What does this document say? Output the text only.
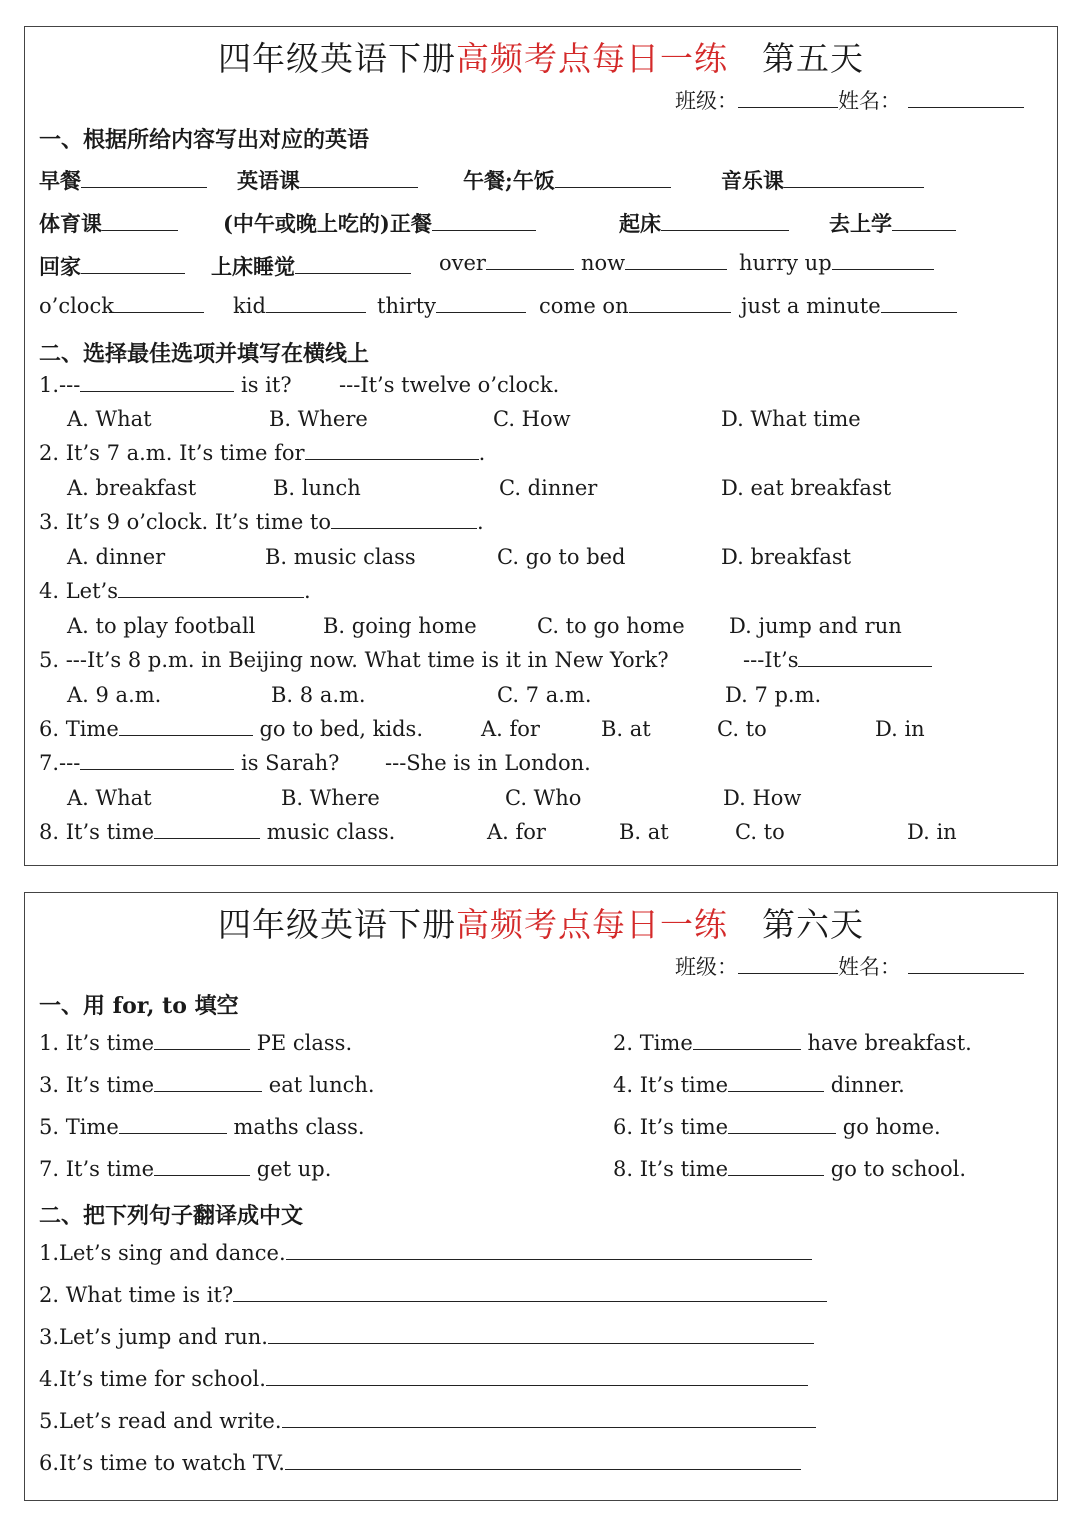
四年级英语下册高频考点每日一练 第五天
班级：	姓名：
一、根据所给内容写出对应的英语
早餐	英语课	午餐;午饭	音乐课
体育课	(中午或晚上吃的)正餐	起床	去上学
回家	上床睡觉	over	now	hurry up
o’clock	kid	thirty	come on	just a minute
二、选择最佳选项并填写在横线上
1.---	is it? ---It’s twelve o’clock.
A. What	B. Where	C. How	D. What time
2. It’s 7 a.m. It’s time for	.
A. breakfast	B. lunch	C. dinner	D. eat breakfast
3. It’s 9 o’clock. It’s time to	.
A. dinner	B. music class	C. go to bed	D. breakfast
4. Let’s	.
A. to play football	B. going home	C. to go home D. jump and run
5. ---It’s 8 p.m. in Beijing now. What time is it in New York?	---It’s
A. 9 a.m.	B. 8 a.m.	C. 7 a.m.	D. 7 p.m.
6. Time	go to bed, kids.	A. for	B. at	C. to	D. in
7.---	is Sarah? ---She is in London.
A. What	B. Where	C. Who	D. How
8. It’s time	music class.	A. for	B. at	C. to	D. in
四年级英语下册高频考点每日一练 第六天
班级：	姓名：
一、用 for, to 填空
1. It’s time	PE class.	2. Time	have breakfast.
3. It’s time	eat lunch.	4. It’s time	dinner.
5. Time	maths class.	6. It’s time	go home.
7. It’s time	get up.	8. It’s time	go to school.
二、把下列句子翻译成中文
1.Let’s sing and dance.
2. What time is it?
3.Let’s jump and run.
4.It’s time for school.
5.Let’s read and write.
6.It’s time to watch TV.
